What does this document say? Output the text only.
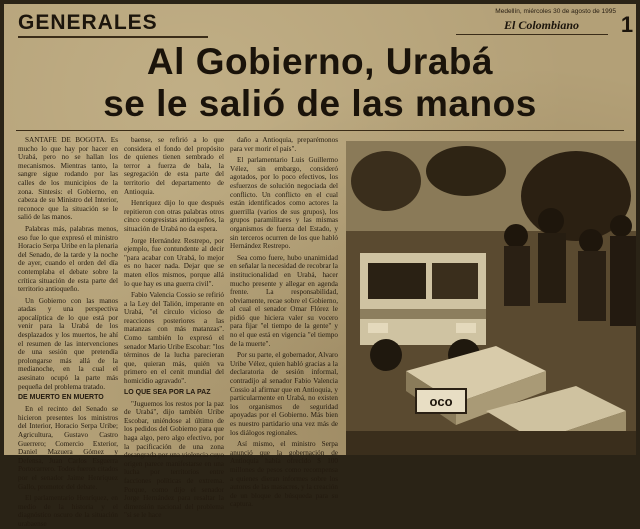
GENERALES	Medellín, miércoles 30 de agosto de 1995
El Colombiano 1
Al Gobierno, Urabá
se le salió de las manos

SANTAFE DE BOGOTA. Es mucho lo que hay por hacer en Urabá, pero no se hallan los mecanismos. Mientras tanto, la sangre sigue rodando por las calles de los municipios de la zona. Sintesis: el Gobierno, en cabeza de su Ministro del Interior, reconoce que la situación se le salió de las manos.

Palabras más, palabras menos, eso fue lo que expresó el ministro Horacio Serpa Uribe en la plenaria del Senado, de la tarde y la noche de ayer, cuando el orden del día contemplaba el debate sobre la crítica situación de esta parte del territorio antioqueño.

Un Gobierno con las manos atadas y una perspectiva apocalíptica de lo que está por venir para la Urabá de los desplazados y los muertos, he ahí el resumen de las intervenciones de una sesión que pretendía prolongarse más allá de la medianoche, en la cual el asesinato ocupó la parte más pequeña del problema tratado.

DE MUERTO EN MUERTO

En el recinto del Senado se hicieron presentes los ministros del Interior, Horacio Serpa Uribe; Agricultura, Gustavo Castro Guerrero; Comercio Exterior, Daniel Mazuera Gómez y Defensa, Juan Carlos Esguerra Portocarrero. Todos fueron citados por el senador Jaime Henríquez Gallo, promotor del debate.

El parlamentario Henríquez, en medio de la historia y el diagnóstico oscuro de la situación urabaense

baense, se refirió a lo que considera el fondo del propósito de quienes tienen sembrado el terror a fuerza de bala, la segregación de esta parte del territorio del departamento de Antioquia.

Henríquez dijo lo que después repitieron con otras palabras otros cinco congresistas antioqueños, la situación de Urabá no da espera.

Jorge Hernández Restrepo, por ejemplo, fue contundente al decir "para acabar con Urabá, lo mejor es no hacer nada. Dejar que se maten ellos mismos, porque allá lo que hay es una guerra civil".

Fabio Valencia Cossio se refirió a la Ley del Talión, imperante en Urabá, "el círculo vicioso de reacciones posteriores a las matanzas con más matanzas". Como también lo expresó el senador Mario Uribe Escobar: "los términos de la lucha parecieran que, quieran más, quién va primero en el cenit mundial del homicidio agravado".

LO QUE SEA POR LA PAZ

"Juguemos los restos por la paz de Urabá", dijo también Uribe Escobar, uniéndose al último de los pedidos del Gobierno para que haga algo, pero algo efectivo, por la pacificación de una zona desangrada por una violencia cuyo origen parece manifestarse en una lucha por territorios entre facciones políticas de extrema. Porque, como dijo el senador Jorge Hernández para resaltar la dimensión nacional del problema "si se le hace

daño a Antioquia, preparémonos para ver morir el país".

El parlamentario Luis Guillermo Vélez, sin embargo, consideró agotados, por lo poco efectivos, los esfuerzos de solución negociada del conflicto. Un conflicto en el cual están identificados como actores la guerrilla (varios de sus grupos), los grupos paramilitares y las mismas organismos de fuerza del Estado, y sin terceros ocurren de los que habló Hernández Restrepo.

Sea como fuere, hubo unanimidad en señalar la necesidad de recobrar la institucionalidad en Urabá, hacer mucho presente y allegar en agenda frente. La responsabilidad, obviamente, recae sobre el Gobierno, al cual el senador Omar Flórez le pidió que hiciera valer su vocero para fijar "el tiempo de la gente" y no el que está en vigencia "el tiempo de la muerte".

Por su parte, el gobernador, Alvaro Uribe Vélez, quien habló gracias a la declaratoria de sesión informal, contradijo al senador Fabio Valencia Cossio al afirmar que en Antioquia, y particularmente en Urabá, no existen los organismos de seguridad apoyadas por el Gobierno. Más bien es nuestro partidario una vez más de los diálogos regionales.

Así mismo, el ministro Serpa anunció que la gobernación de Antioquia había ofrecido $ 100 millones de pesos como recompensa a quienes dieran informes sobre los autores de las masacres, y la creación de un bloque de búsqueda para su captura.

oco
